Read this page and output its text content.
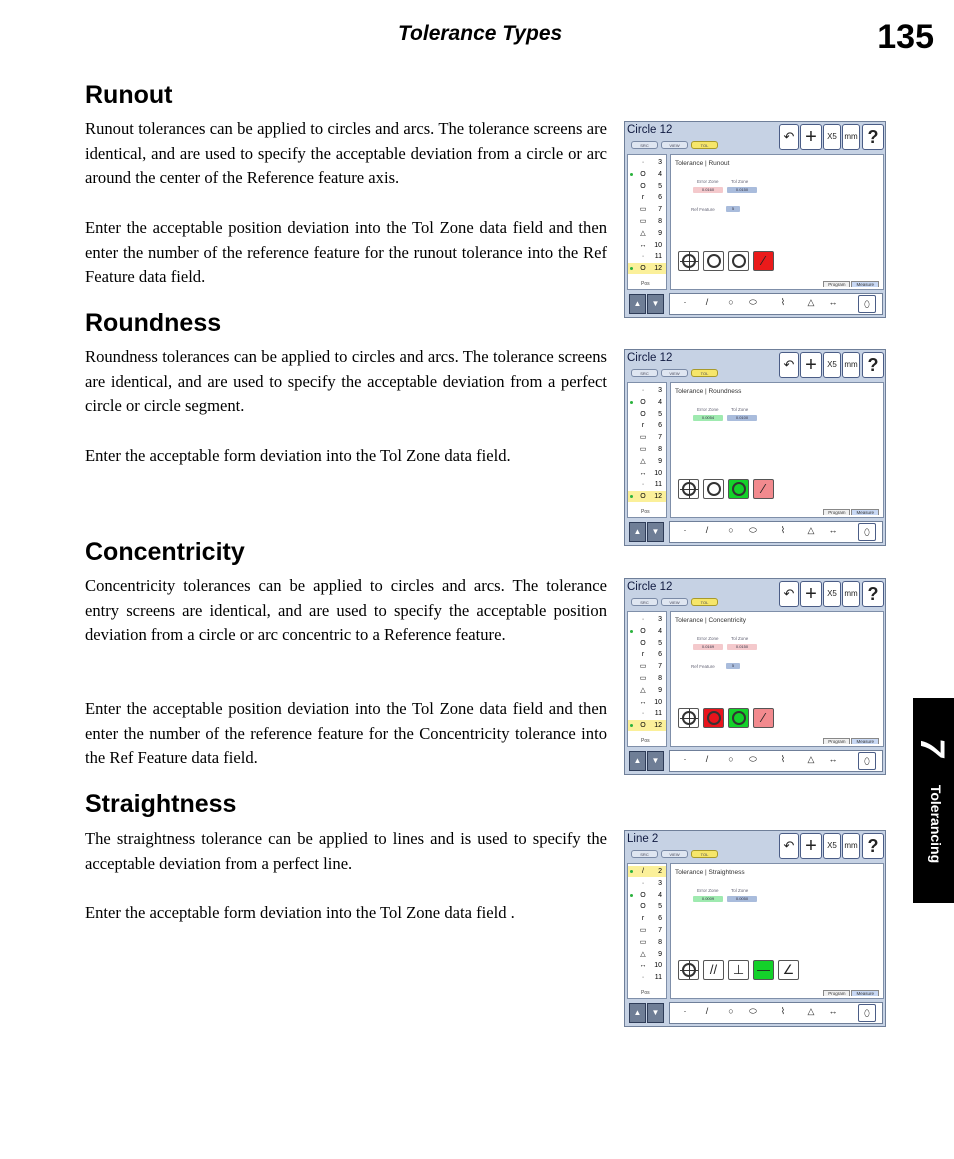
Tolerance Types	135
7
Tolerancing
Runout

Runout tolerances can be applied to circles and arcs. The tolerance screens are identical, and are used to specify the acceptable deviation from a circle or arc around the center of the Reference feature axis.

Enter the acceptable position deviation into the Tol Zone data field and then enter the number of the reference feature for the runout tolerance into the Ref Feature data field.

Roundness

Roundness tolerances can be applied to circles and arcs. The tolerance screens are identical, and are used to specify the acceptable deviation from a perfect circle or circle segment.

Enter the acceptable form deviation into the Tol Zone data field.

Concentricity

Concentricity tolerances can be applied to circles and arcs. The tolerance entry screens are identical, and are used to specify the acceptable position deviation from a circle or arc concentric to a Reference feature.

Enter the acceptable position deviation into the Tol Zone data field and then enter the number of the reference feature for the Concentricity tolerance into the Ref Feature data field.

Straightness

The straightness tolerance can be applied to lines and is used to specify the acceptable deviation from a perfect line.

Enter the acceptable form deviation into the Tol Zone data field .

Circle 12
SRC	VIEW	TOL
↶ +	X5 mm ?
·	3
O	4
O	5
r	6
▭	7
▭	8
△	9
↔	10
·	11
O	12
Pos
Tolerance | Runout
Error Zone	Tol Zone
0.0160	0.0150
Ref Feature	5
⁄
Program Measure
▲	▼	·	/	○	⬭	⌇	△	↔	⬯
Circle 12
SRC	VIEW	TOL
↶ +	X5 mm ?
·	3
O	4
O	5
r	6
▭	7
▭	8
△	9
↔	10
·	11
O	12
Pos
Tolerance | Roundness
Error Zone	Tol Zone
0.0054	0.0100
⁄
Program Measure
▲	▼	·	/	○	⬭	⌇	△	↔	⬯
Circle 12
SRC	VIEW	TOL
↶ +	X5 mm ?
·	3
O	4
O	5
r	6
▭	7
▭	8
△	9
↔	10
·	11
O	12
Pos
Tolerance | Concentricity
Error Zone	Tol Zone
0.0169	0.0150
Ref Feature	5
⁄
Program Measure
▲	▼	·	/	○	⬭	⌇	△	↔	⬯
Line 2
SRC	VIEW	TOL
↶ +	X5 mm ?
/	2
·	3
O	4
O	5
r	6
▭	7
▭	8
△	9
↔	10
·	11
Pos
Tolerance | Straightness
Error Zone	Tol Zone
0.0009	0.0050
//	⊥ — ∠
Program Measure
▲	▼	·	/	○	⬭	⌇	△	↔	⬯
